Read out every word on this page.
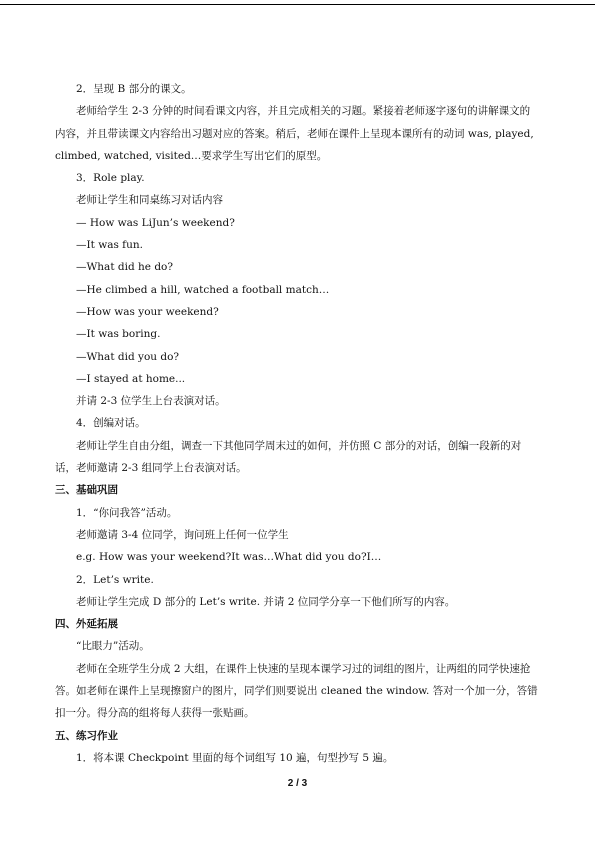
2．呈现 B 部分的课文。

老师给学生 2-3 分钟的时间看课文内容，并且完成相关的习题。紧接着老师逐字逐句的讲解课文的内容，并且带读课文内容给出习题对应的答案。稍后，老师在课件上呈现本课所有的动词 was, played, climbed, watched, visited…要求学生写出它们的原型。

3．Role play.

老师让学生和同桌练习对话内容

— How was LiJun’s weekend?

—It was fun.

—What did he do?

—He climbed a hill, watched a football match…

—How was your weekend?

—It was boring.

—What did you do?

—I stayed at home...

并请 2-3 位学生上台表演对话。

4．创编对话。

老师让学生自由分组，调查一下其他同学周末过的如何，并仿照 C 部分的对话，创编一段新的对话，老师邀请 2-3 组同学上台表演对话。

三、基础巩固

1．“你问我答”活动。

老师邀请 3-4 位同学，询问班上任何一位学生

e.g. How was your weekend?It was…What did you do?I…

2．Let’s write.

老师让学生完成 D 部分的 Let’s write. 并请 2 位同学分享一下他们所写的内容。

四、外延拓展

“比眼力”活动。

老师在全班学生分成 2 大组，在课件上快速的呈现本课学习过的词组的图片，让两组的同学快速抢答。如老师在课件上呈现擦窗户的图片，同学们则要说出 cleaned the window. 答对一个加一分，答错扣一分。得分高的组将每人获得一张贴画。

五、练习作业

1．将本课 Checkpoint 里面的每个词组写 10 遍，句型抄写 5 遍。

2 / 3
